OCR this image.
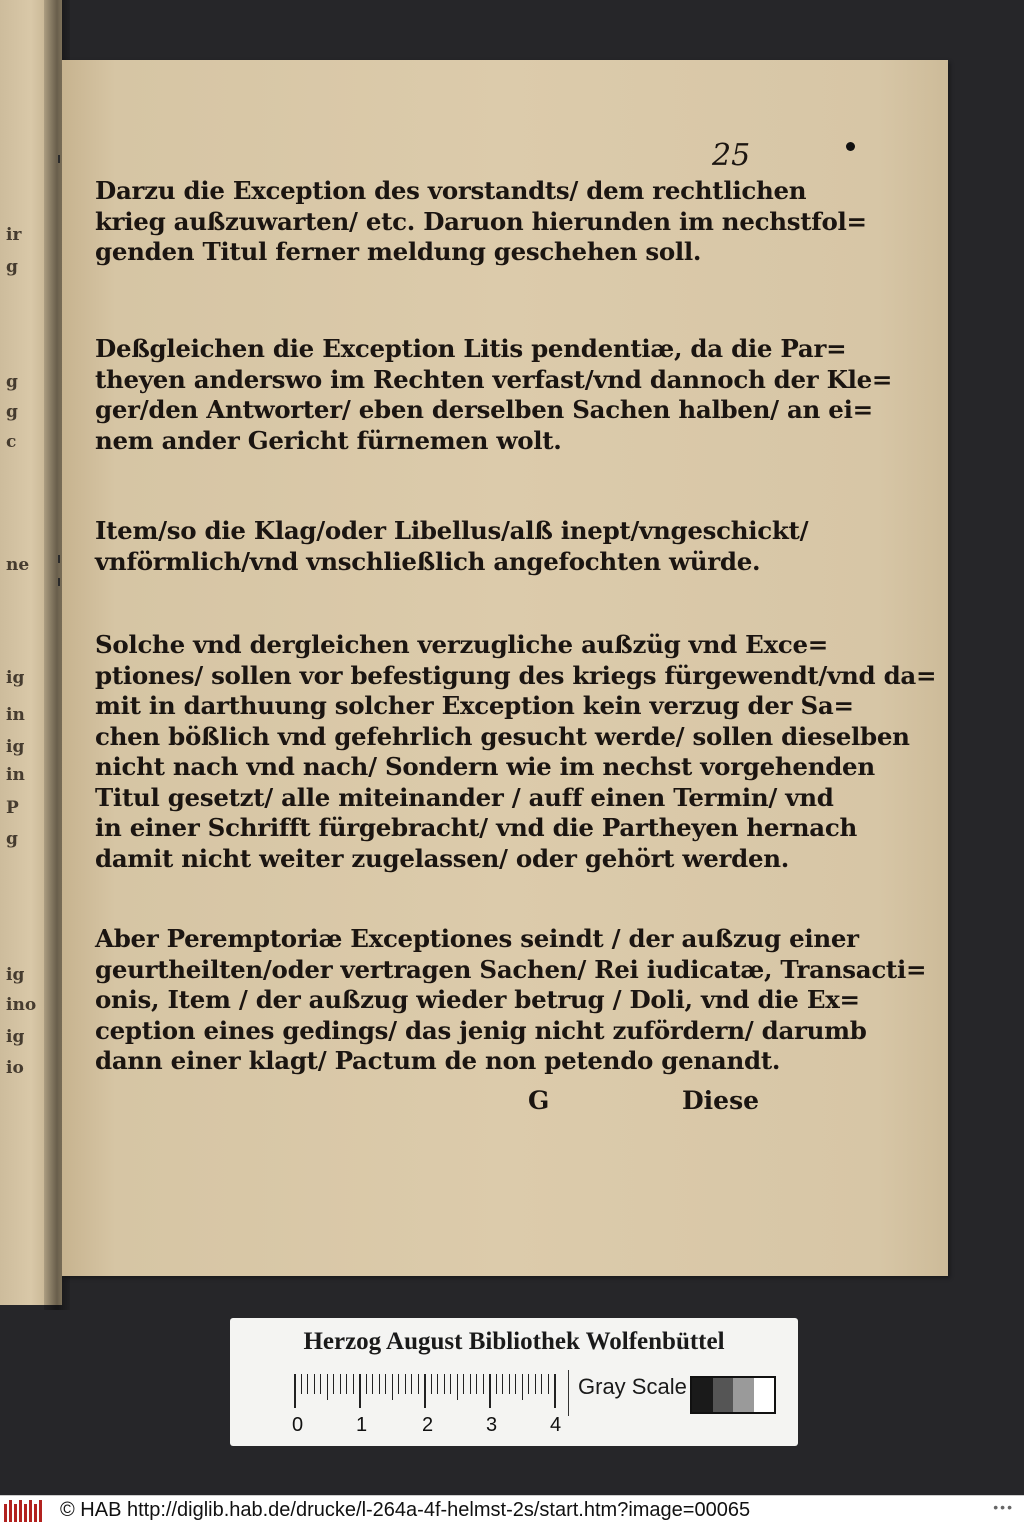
ir
g
g
g
c
ne
ig
in
ig
in
P
g
ig
ino
ig
io
25
Darzu die Exception des vorstandts/ dem rechtlichen
krieg außzuwarten/ etc. Daruon hierunden im nechstfol=
genden Titul ferner meldung geschehen soll.
Deßgleichen die Exception Litis pendentiæ, da die Par=
theyen anderswo im Rechten verfast/vnd dannoch der Kle=
ger/den Antworter/ eben derselben Sachen halben/ an ei=
nem ander Gericht fürnemen wolt.
Item/so die Klag/oder Libellus/alß inept/vngeschickt/
vnförmlich/vnd vnschließlich angefochten würde.
Solche vnd dergleichen verzugliche außzüg vnd Exce=
ptiones/ sollen vor befestigung des kriegs fürgewendt/vnd da=
mit in darthuung solcher Exception kein verzug der Sa=
chen bößlich vnd gefehrlich gesucht werde/ sollen dieselben
nicht nach vnd nach/ Sondern wie im nechst vorgehenden
Titul gesetzt/ alle miteinander / auff einen Termin/ vnd
in einer Schrifft fürgebracht/ vnd die Partheyen hernach
damit nicht weiter zugelassen/ oder gehört werden.
Aber Peremptoriæ Exceptiones seindt / der außzug einer
geurtheilten/oder vertragen Sachen/ Rei iudicatæ, Transacti=
onis, Item / der außzug wieder betrug / Doli, vnd die Ex=
ception eines gedings/ das jenig nicht zufördern/ darumb
dann einer klagt/ Pactum de non petendo genandt.
G	Diese
Herzog August Bibliothek Wolfenbüttel
Gray Scale
0	1	2	3	4
© HAB http://diglib.hab.de/drucke/l-264a-4f-helmst-2s/start.htm?image=00065	•••
